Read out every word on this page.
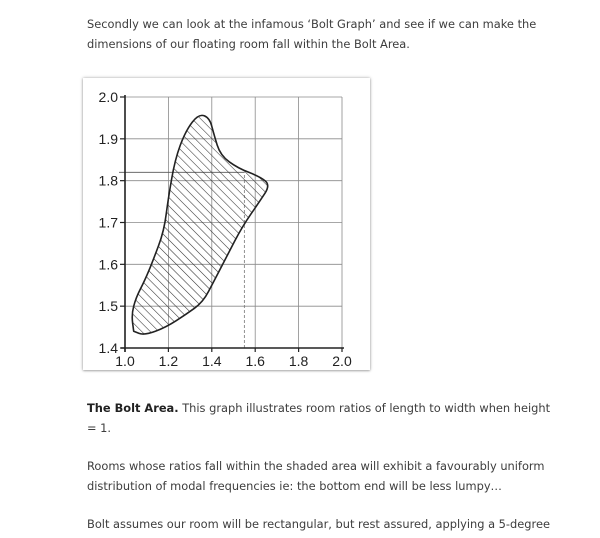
Secondly we can look at the infamous ‘Bolt Graph’ and see if we can make the dimensions of our floating room fall within the Bolt Area.

2.0
1.9
1.8
1.7
1.6
1.5
1.4
1.0 1.2 1.4 1.6 1.8 2.0

The Bolt Area. This graph illustrates room ratios of length to width when height = 1.

Rooms whose ratios fall within the shaded area will exhibit a favourably uniform distribution of modal frequencies ie: the bottom end will be less lumpy…

Bolt assumes our room will be rectangular, but rest assured, applying a 5-degree
